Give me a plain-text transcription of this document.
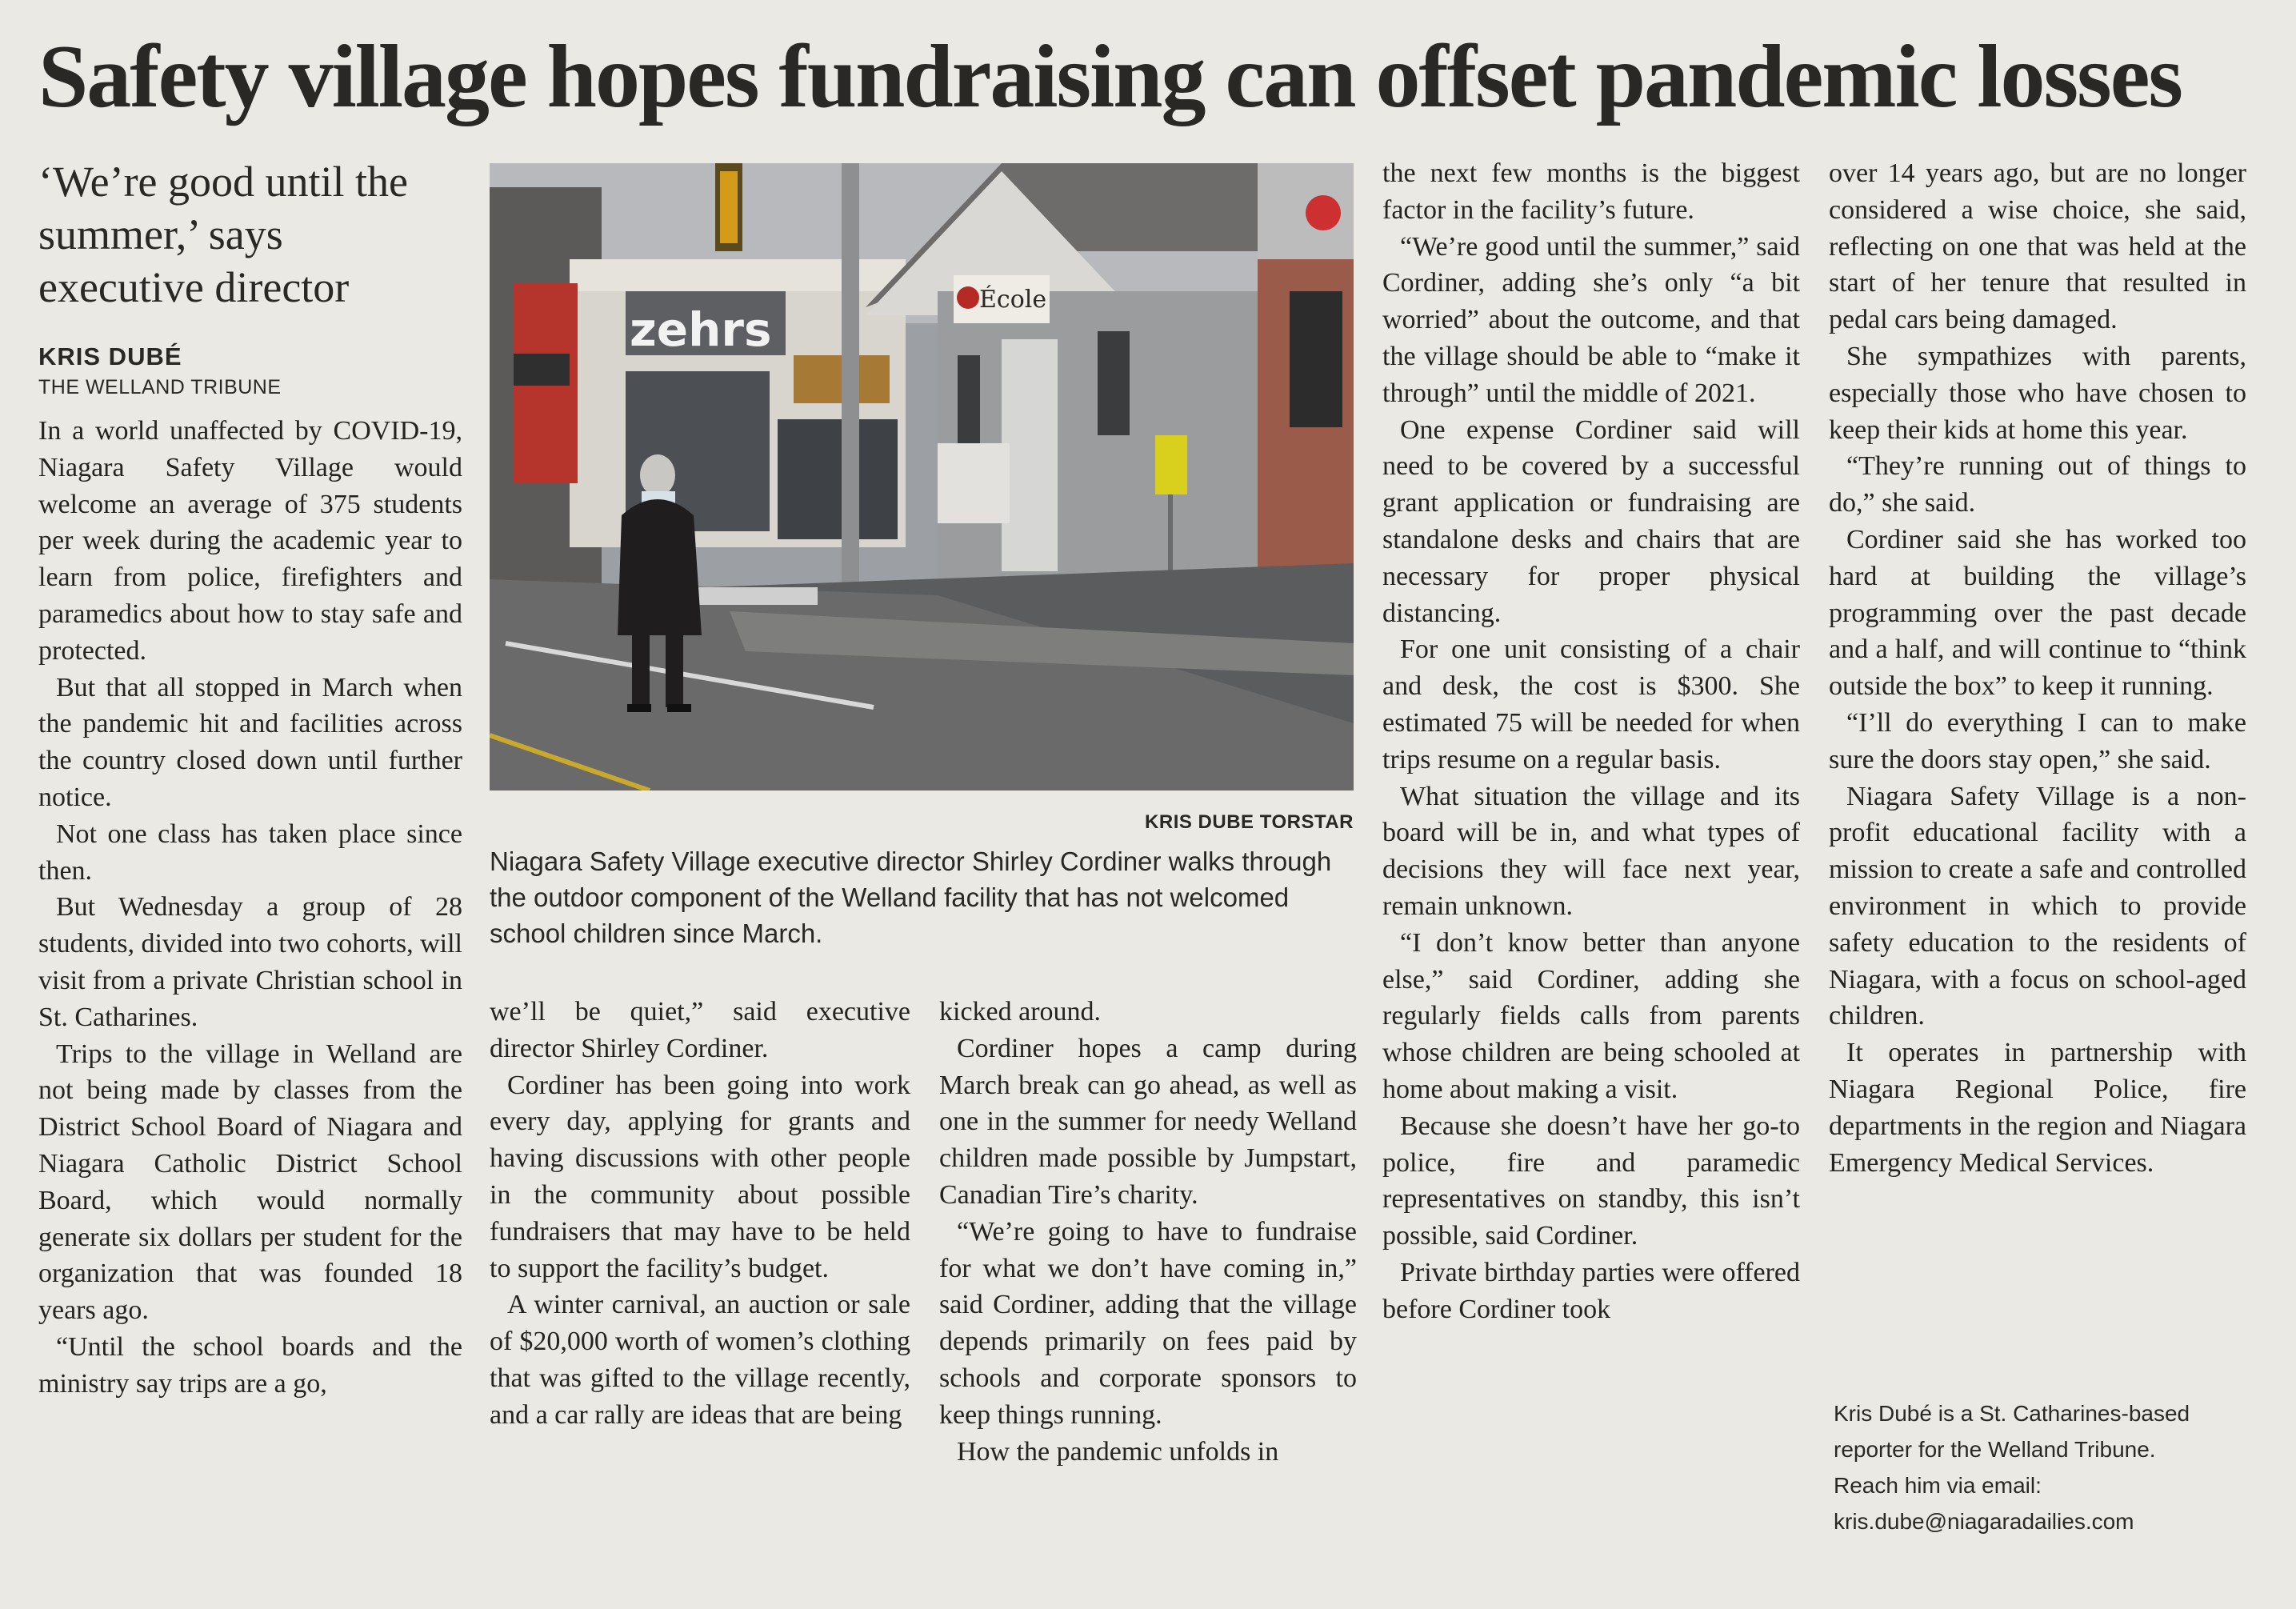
Safety village hopes fundraising can offset pandemic losses
‘We’re good until the summer,’ says executive director
KRIS DUBÉ
THE WELLAND TRIBUNE

In a world unaffected by COVID-19, Niagara Safety Village would welcome an average of 375 students per week during the academic year to learn from police, firefighters and paramedics about how to stay safe and protected.

But that all stopped in March when the pandemic hit and facilities across the country closed down until further notice.

Not one class has taken place since then.

But Wednesday a group of 28 students, divided into two cohorts, will visit from a private Christian school in St. Catharines.

Trips to the village in Welland are not being made by classes from the District School Board of Niagara and Niagara Catholic District School Board, which would normally generate six dollars per student for the organization that was founded 18 years ago.

“Until the school boards and the ministry say trips are a go,

zehrs
École
KRIS DUBE TORSTAR
Niagara Safety Village executive director Shirley Cordiner walks through the outdoor component of the Welland facility that has not welcomed school children since March.

we’ll be quiet,” said executive director Shirley Cordiner.

Cordiner has been going into work every day, applying for grants and having discussions with other people in the community about possible fundraisers that may have to be held to support the facility’s budget.

A winter carnival, an auction or sale of $20,000 worth of women’s clothing that was gifted to the village recently, and a car rally are ideas that are being

kicked around.

Cordiner hopes a camp during March break can go ahead, as well as one in the summer for needy Welland children made possible by Jumpstart, Canadian Tire’s charity.

“We’re going to have to fundraise for what we don’t have coming in,” said Cordiner, adding that the village depends primarily on fees paid by schools and corporate sponsors to keep things running.

How the pandemic unfolds in

the next few months is the biggest factor in the facility’s future.

“We’re good until the summer,” said Cordiner, adding she’s only “a bit worried” about the outcome, and that the village should be able to “make it through” until the middle of 2021.

One expense Cordiner said will need to be covered by a successful grant application or fundraising are standalone desks and chairs that are necessary for proper physical distancing.

For one unit consisting of a chair and desk, the cost is $300. She estimated 75 will be needed for when trips resume on a regular basis.

What situation the village and its board will be in, and what types of decisions they will face next year, remain unknown.

“I don’t know better than anyone else,” said Cordiner, adding she regularly fields calls from parents whose children are being schooled at home about making a visit.

Because she doesn’t have her go-to police, fire and paramedic representatives on standby, this isn’t possible, said Cordiner.

Private birthday parties were offered before Cordiner took

over 14 years ago, but are no longer considered a wise choice, she said, reflecting on one that was held at the start of her tenure that resulted in pedal cars being damaged.

She sympathizes with parents, especially those who have chosen to keep their kids at home this year.

“They’re running out of things to do,” she said.

Cordiner said she has worked too hard at building the village’s programming over the past decade and a half, and will continue to “think outside the box” to keep it running.

“I’ll do everything I can to make sure the doors stay open,” she said.

Niagara Safety Village is a non-profit educational facility with a mission to create a safe and controlled environment in which to provide safety education to the residents of Niagara, with a focus on school-aged children.

It operates in partnership with Niagara Regional Police, fire departments in the region and Niagara Emergency Medical Services.

Kris Dubé is a St. Catharines-based
reporter for the Welland Tribune.
Reach him via email:
kris.dube@niagaradailies.com
